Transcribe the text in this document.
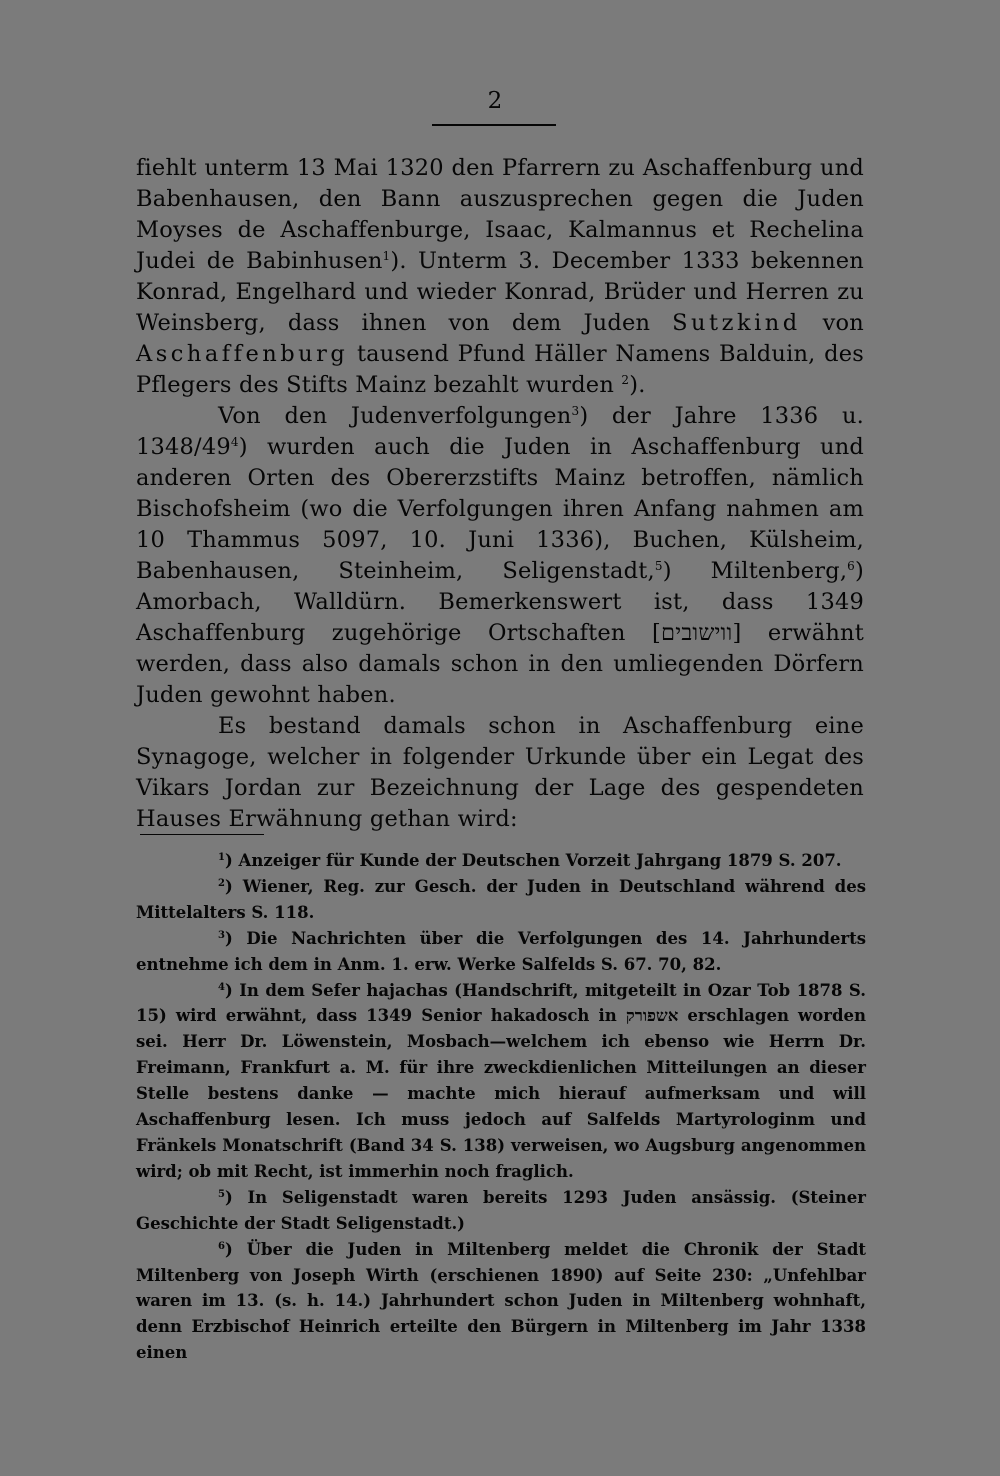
2

fiehlt unterm 13 Mai 1320 den Pfarrern zu Aschaffenburg und Babenhausen, den Bann auszusprechen gegen die Juden Moyses de Aschaffenburge, Isaac, Kalmannus et Rechelina Judei de Babinhusen$^1$). Unterm 3. December 1333 bekennen Konrad, Engelhard und wieder Konrad, Brüder und Herren zu Weinsberg, dass ihnen von dem Juden Sutzkind von Aschaffenburg tausend Pfund Häller Namens Balduin, des Pflegers des Stifts Mainz bezahlt wurden $^2$).

Von den Judenverfolgungen$^3$) der Jahre 1336 u. $1348/49^4$) wurden auch die Juden in Aschaffenburg und anderen Orten des Obererzstifts Mainz betroffen, nämlich Bischofsheim (wo die Verfolgungen ihren Anfang nahmen am 10 Thammus 5097, 10. Juni 1336), Buchen, Külsheim, Babenhausen, Steinheim, Seligenstadt,$^5$) Miltenberg,$^6$) Amorbach, Walldürn. Bemerkenswert ist, dass 1349 Aschaffenburg zugehörige Ortschaften [ווישובים] erwähnt werden, dass also damals schon in den umliegenden Dörfern Juden gewohnt haben.

Es bestand damals schon in Aschaffenburg eine Synagoge, welcher in folgender Urkunde über ein Legat des Vikars Jordan zur Bezeichnung der Lage des gespendeten Hauses Erwähnung gethan wird:

$^1$) Anzeiger für Kunde der Deutschen Vorzeit Jahrgang 1879 S. 207.

$^2$) Wiener, Reg. zur Gesch. der Juden in Deutschland während des Mittelalters S. 118.

$^3$) Die Nachrichten über die Verfolgungen des 14. Jahrhunderts entnehme ich dem in Anm. 1. erw. Werke Salfelds S. 67. 70, 82.

$^4$) In dem Sefer hajachas (Handschrift, mitgeteilt in Ozar Tob 1878 S. 15) wird erwähnt, dass 1349 Senior hakadosch in אשפורק erschlagen worden sei. Herr Dr. Löwenstein, Mosbach—welchem ich ebenso wie Herrn Dr. Freimann, Frankfurt a. M. für ihre zweckdienlichen Mitteilungen an dieser Stelle bestens danke — machte mich hierauf aufmerksam und will Aschaffenburg lesen. Ich muss jedoch auf Salfelds Martyrologinm und Fränkels Monatschrift (Band 34 S. 138) verweisen, wo Augsburg angenommen wird; ob mit Recht, ist immerhin noch fraglich.

$^5$) In Seligenstadt waren bereits 1293 Juden ansässig. (Steiner Geschichte der Stadt Seligenstadt.)

$^6$) Über die Juden in Miltenberg meldet die Chronik der Stadt Miltenberg von Joseph Wirth (erschienen 1890) auf Seite 230: „Unfehlbar waren im 13. (s. h. 14.) Jahrhundert schon Juden in Miltenberg wohnhaft, denn Erzbischof Heinrich erteilte den Bürgern in Miltenberg im Jahr 1338 einen
